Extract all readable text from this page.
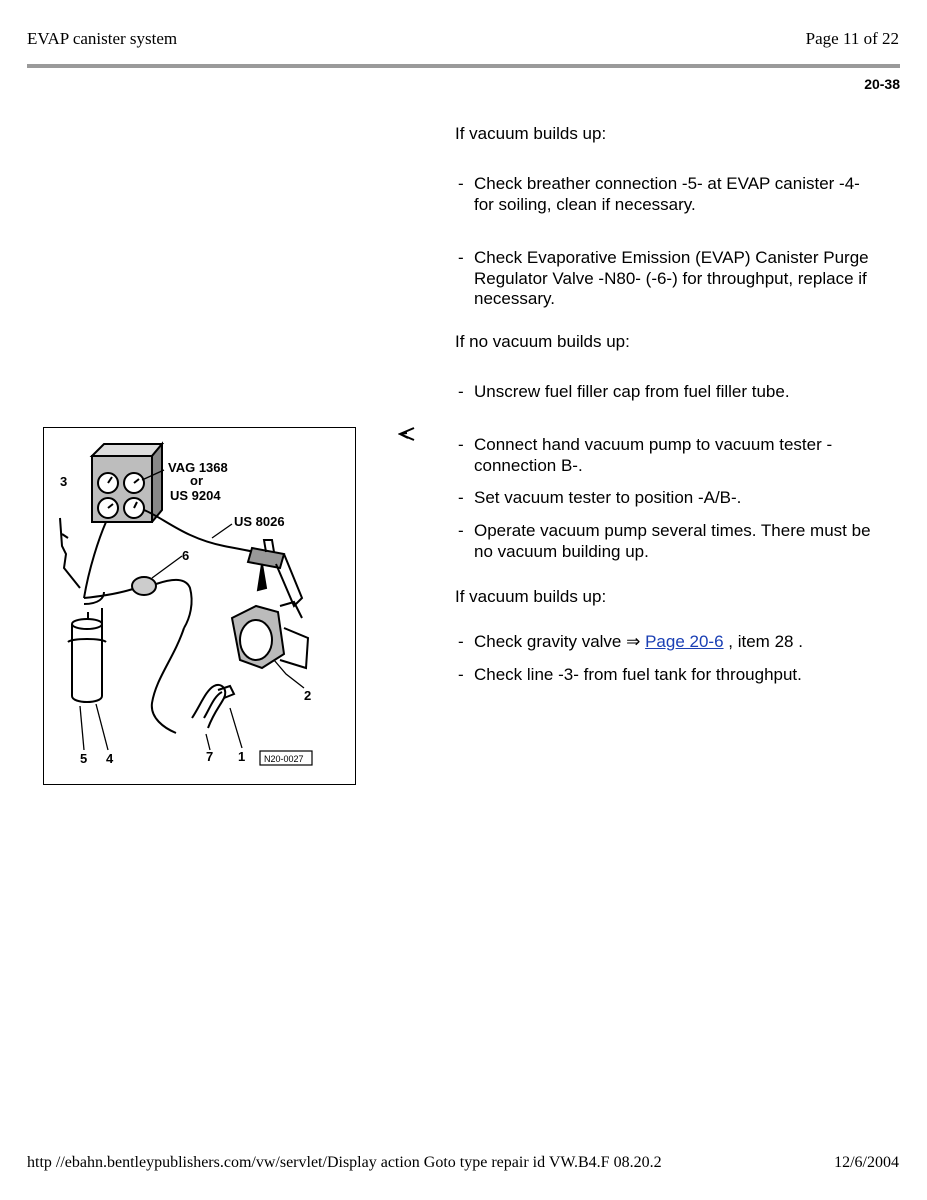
EVAP canister system	Page 11 of 22
20-38
If vacuum builds up:
- Check breather connection -5- at EVAP canister -4- for soiling, clean if necessary.
- Check Evaporative Emission (EVAP) Canister Purge Regulator Valve -N80- (-6-) for throughput, replace if necessary.
If no vacuum builds up:
- Unscrew fuel filler cap from fuel filler tube.
- Connect hand vacuum pump to vacuum tester - connection B-.
- Set vacuum tester to position -A/B-.
- Operate vacuum pump several times. There must be no vacuum building up.
If vacuum builds up:
- Check gravity valve ⇒ Page 20-6 , item 28 .
- Check line -3- from fuel tank for throughput.
VAG 1368
or
US 9204
US 8026
3
6
2
5 4	7 1 N20-0027
http //ebahn.bentleypublishers.com/vw/servlet/Display action Goto type repair id VW.B4.F 08.20.2	12/6/2004
